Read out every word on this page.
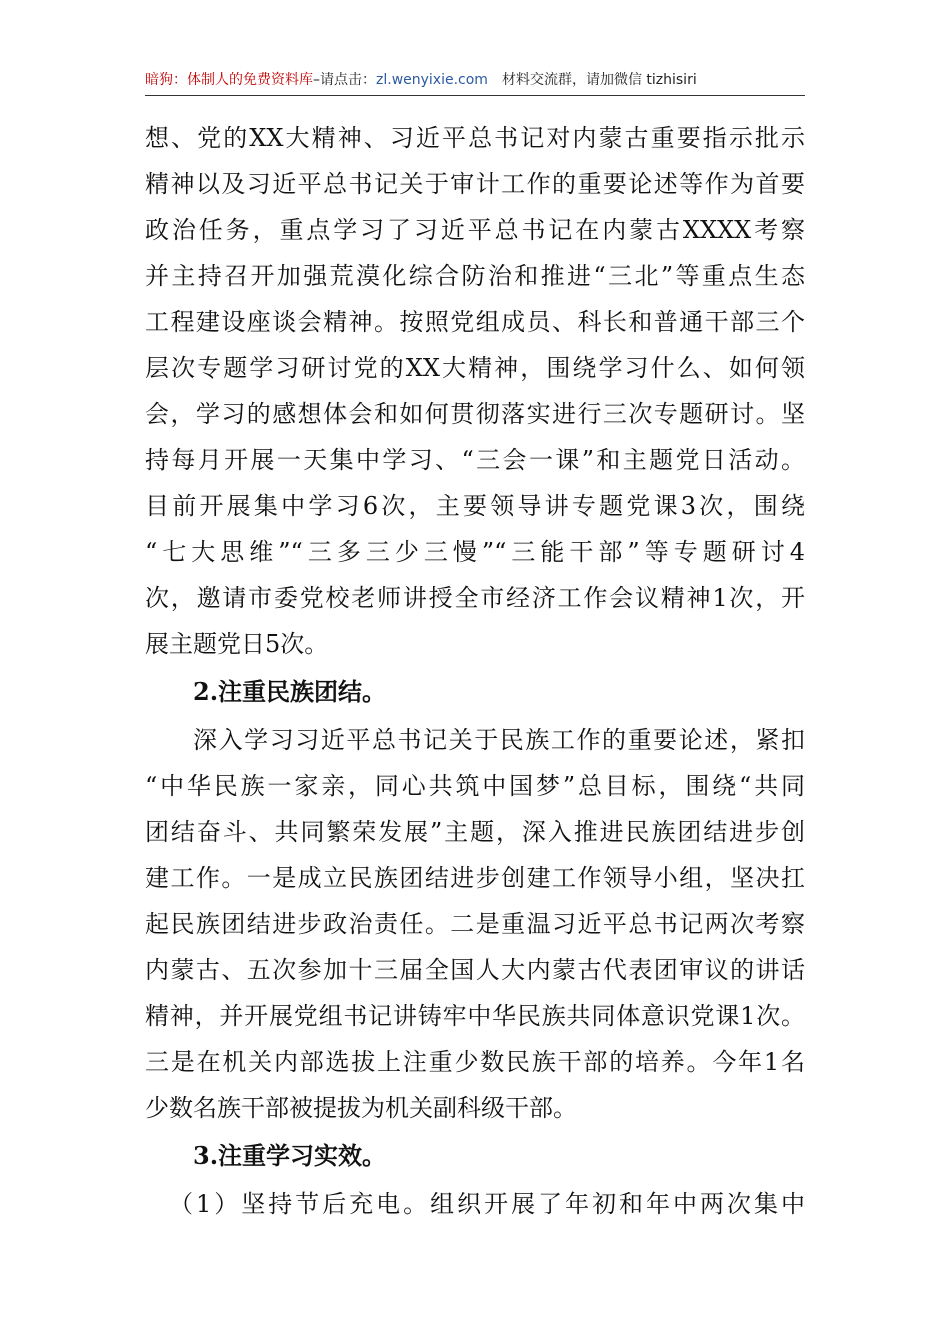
暗狗：体制人的免费资料库–请点击：zl.wenyixie.com 材料交流群，请加微信 tizhisiri
想、党的XX大精神、习近平总书记对内蒙古重要指示批示
精神以及习近平总书记关于审计工作的重要论述等作为首要
政治任务，重点学习了习近平总书记在内蒙古XXXX考察
并主持召开加强荒漠化综合防治和推进“三北”等重点生态
工程建设座谈会精神。按照党组成员、科长和普通干部三个
层次专题学习研讨党的XX大精神，围绕学习什么、如何领
会，学习的感想体会和如何贯彻落实进行三次专题研讨。坚
持每月开展一天集中学习、“三会一课”和主题党日活动。
目前开展集中学习6次，主要领导讲专题党课3次，围绕
“七大思维”“三多三少三慢”“三能干部”等专题研讨4
次，邀请市委党校老师讲授全市经济工作会议精神1次，开
展主题党日5次。
2.注重民族团结。
深入学习习近平总书记关于民族工作的重要论述，紧扣
“中华民族一家亲，同心共筑中国梦”总目标，围绕“共同
团结奋斗、共同繁荣发展”主题，深入推进民族团结进步创
建工作。一是成立民族团结进步创建工作领导小组，坚决扛
起民族团结进步政治责任。二是重温习近平总书记两次考察
内蒙古、五次参加十三届全国人大内蒙古代表团审议的讲话
精神，并开展党组书记讲铸牢中华民族共同体意识党课1次。
三是在机关内部选拔上注重少数民族干部的培养。今年1名
少数名族干部被提拔为机关副科级干部。
3.注重学习实效。
（1）坚持节后充电。组织开展了年初和年中两次集中
